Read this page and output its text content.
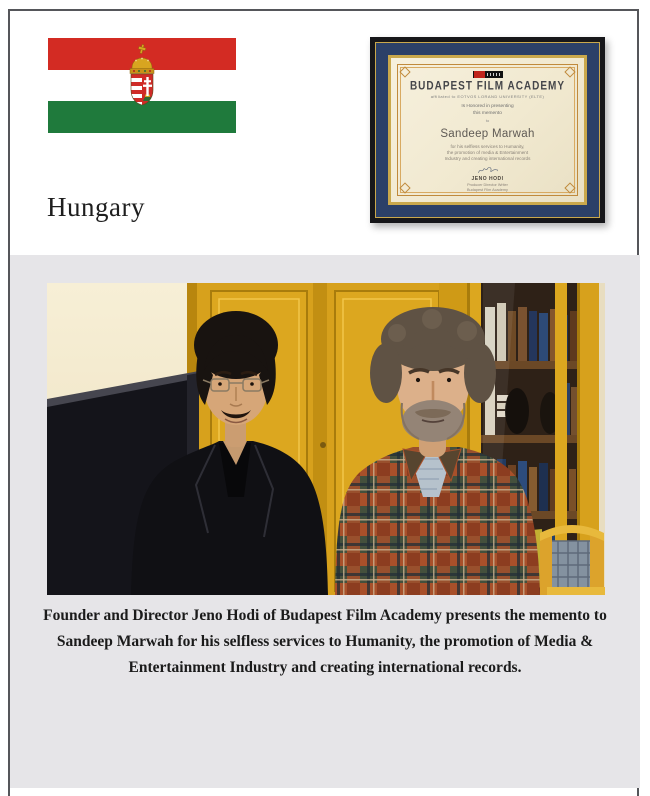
Hungary
BUDAPEST FILM ACADEMY
affiliated to EOTVOS LORAND UNIVERSITY (ELTE)
Is Honored in presenting
this memento
to
Sandeep Marwah
for his selfless services to Humanity,
the promotion of media & Entertainment
Industry and creating international records
JENO HODI
Producer Director Writer
Budapest Film Academy
Founder and Director Jeno Hodi of Budapest Film Academy presents the memento to
Sandeep Marwah for his selfless services to Humanity, the promotion of Media &
Entertainment Industry and creating international records.
